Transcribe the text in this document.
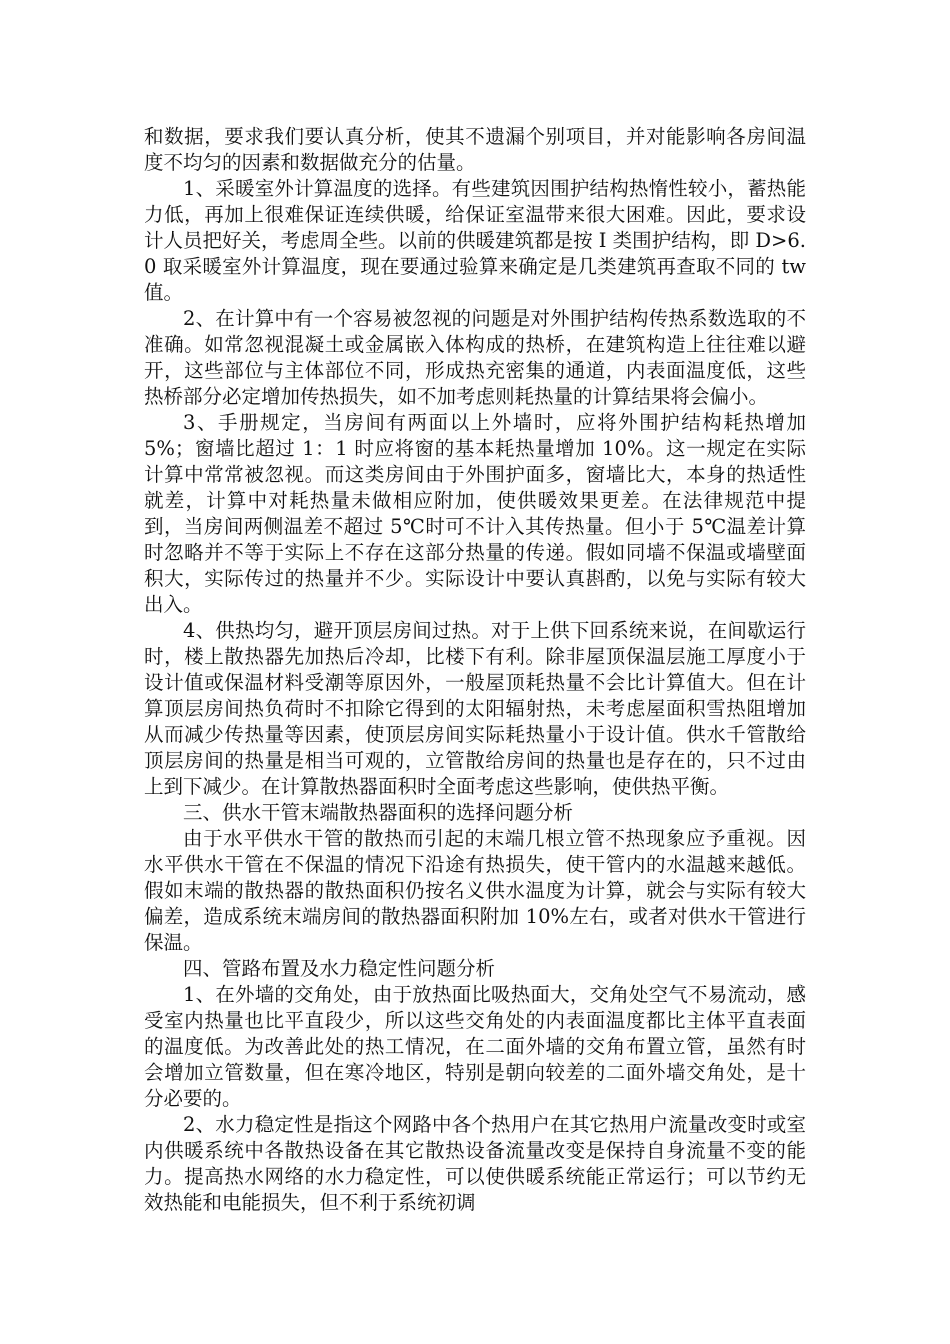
和数据，要求我们要认真分析，使其不遗漏个别项目，并对能影响各房间温度不均匀的因素和数据做充分的估量。

1、采暖室外计算温度的选择。有些建筑因围护结构热惰性较小，蓄热能力低，再加上很难保证连续供暖，给保证室温带来很大困难。因此，要求设计人员把好关，考虑周全些。以前的供暖建筑都是按 I 类围护结构，即 D>6.0 取采暖室外计算温度，现在要通过验算来确定是几类建筑再查取不同的 tw值。

2、在计算中有一个容易被忽视的问题是对外围护结构传热系数选取的不准确。如常忽视混凝土或金属嵌入体构成的热桥，在建筑构造上往往难以避开，这些部位与主体部位不同，形成热充密集的通道，内表面温度低，这些热桥部分必定增加传热损失，如不加考虑则耗热量的计算结果将会偏小。

3、手册规定，当房间有两面以上外墙时，应将外围护结构耗热增加 5%；窗墙比超过 1：1 时应将窗的基本耗热量增加 10%。这一规定在实际计算中常常被忽视。而这类房间由于外围护面多，窗墙比大，本身的热适性就差，计算中对耗热量未做相应附加，使供暖效果更差。在法律规范中提到，当房间两侧温差不超过 5℃时可不计入其传热量。但小于 5℃温差计算时忽略并不等于实际上不存在这部分热量的传递。假如同墙不保温或墙壁面积大，实际传过的热量并不少。实际设计中要认真斟酌，以免与实际有较大出入。

4、供热均匀，避开顶层房间过热。对于上供下回系统来说，在间歇运行时，楼上散热器先加热后冷却，比楼下有利。除非屋顶保温层施工厚度小于设计值或保温材料受潮等原因外，一般屋顶耗热量不会比计算值大。但在计算顶层房间热负荷时不扣除它得到的太阳辐射热，未考虑屋面积雪热阻增加从而减少传热量等因素，使顶层房间实际耗热量小于设计值。供水千管散给顶层房间的热量是相当可观的，立管散给房间的热量也是存在的，只不过由上到下减少。在计算散热器面积时全面考虑这些影响，使供热平衡。

三、供水干管末端散热器面积的选择问题分析

由于水平供水干管的散热而引起的末端几根立管不热现象应予重视。因水平供水干管在不保温的情况下沿途有热损失，使干管内的水温越来越低。假如末端的散热器的散热面积仍按名义供水温度为计算，就会与实际有较大偏差，造成系统末端房间的散热器面积附加 10%左右，或者对供水干管进行保温。

四、管路布置及水力稳定性问题分析

1、在外墙的交角处，由于放热面比吸热面大，交角处空气不易流动，感受室内热量也比平直段少，所以这些交角处的内表面温度都比主体平直表面的温度低。为改善此处的热工情况，在二面外墙的交角布置立管，虽然有时会增加立管数量，但在寒冷地区，特别是朝向较差的二面外墙交角处，是十分必要的。

2、水力稳定性是指这个网路中各个热用户在其它热用户流量改变时或室内供暖系统中各散热设备在其它散热设备流量改变是保持自身流量不变的能力。提高热水网络的水力稳定性，可以使供暖系统能正常运行；可以节约无效热能和电能损失，但不利于系统初调
